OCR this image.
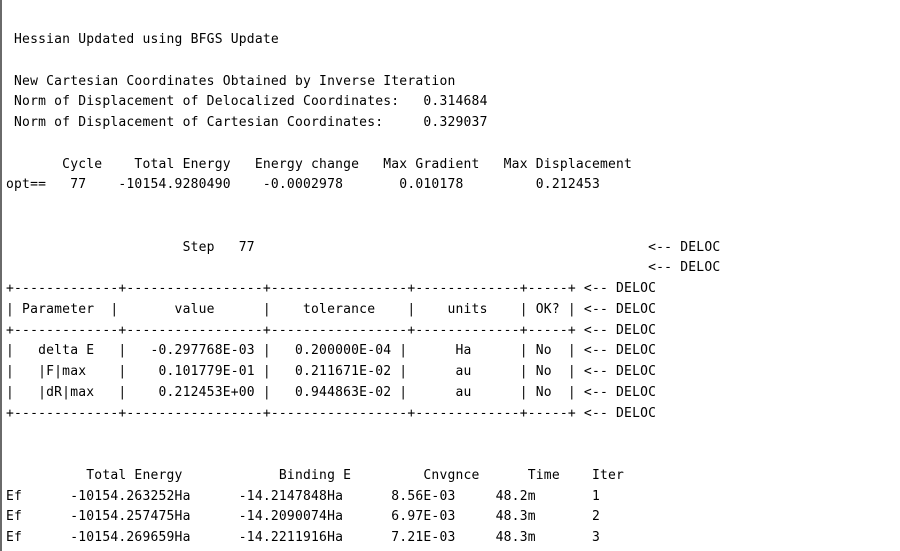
Hessian Updated using BFGS Update
New Cartesian Coordinates Obtained by Inverse Iteration
Norm of Displacement of Delocalized Coordinates:   0.314684
Norm of Displacement of Cartesian Coordinates:     0.329037
Cycle    Total Energy   Energy change   Max Gradient   Max Displacement
opt==   77    -10154.9280490    -0.0002978       0.010178         0.212453
Step   77                                                 <-- DELOC
<-- DELOC
+-------------+-----------------+-----------------+-------------+-----+ <-- DELOC
| Parameter  |       value      |    tolerance    |    units    | OK? | <-- DELOC
+-------------+-----------------+-----------------+-------------+-----+ <-- DELOC
|   delta E   |   -0.297768E-03 |   0.200000E-04 |      Ha      | No  | <-- DELOC
|   |F|max    |    0.101779E-01 |   0.211671E-02 |      au      | No  | <-- DELOC
|   |dR|max   |    0.212453E+00 |   0.944863E-02 |      au      | No  | <-- DELOC
+-------------+-----------------+-----------------+-------------+-----+ <-- DELOC
Total Energy            Binding E         Cnvgnce      Time    Iter
Ef      -10154.263252Ha      -14.2147848Ha      8.56E-03     48.2m       1
Ef      -10154.257475Ha      -14.2090074Ha      6.97E-03     48.3m       2
Ef      -10154.269659Ha      -14.2211916Ha      7.21E-03     48.3m       3
